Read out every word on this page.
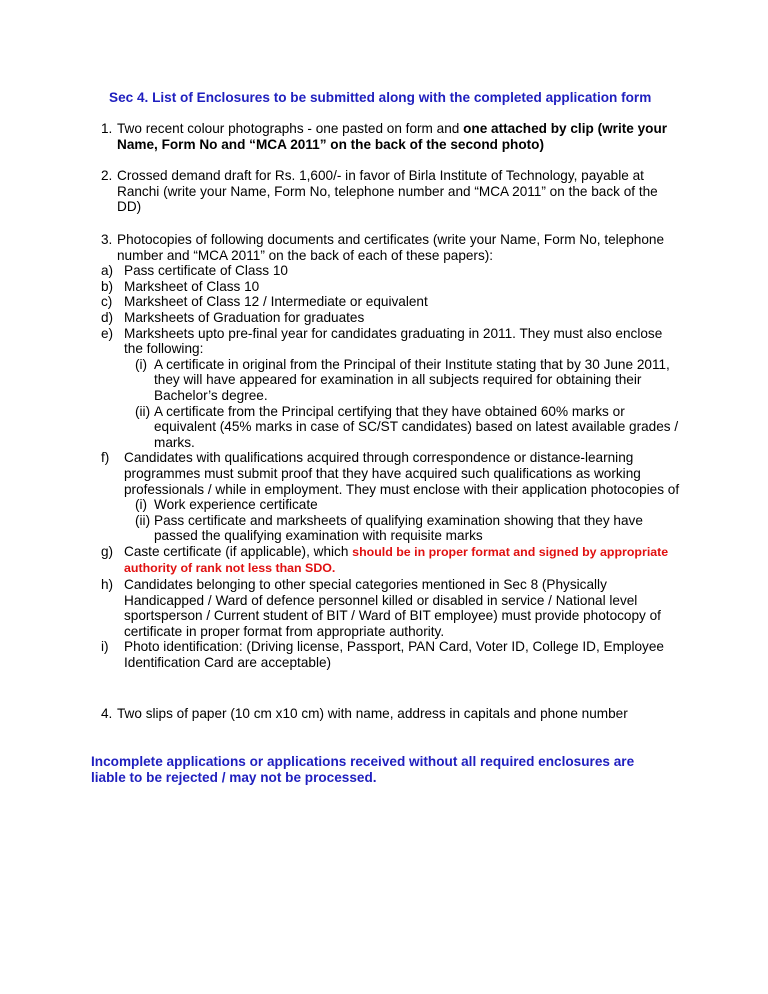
Sec 4. List of Enclosures to be submitted along with the completed application form
1. Two recent colour photographs - one pasted on form and one attached by clip (write your Name, Form No and “MCA 2011” on the back of the second photo)
2. Crossed demand draft for Rs. 1,600/- in favor of Birla Institute of Technology, payable at Ranchi (write your Name, Form No, telephone number and “MCA 2011” on the back of the DD)
3. Photocopies of following documents and certificates (write your Name, Form No, telephone number and “MCA 2011” on the back of each of these papers):
a) Pass certificate of Class 10
b) Marksheet of Class 10
c) Marksheet of Class 12 / Intermediate or equivalent
d) Marksheets of Graduation for graduates
e) Marksheets upto pre-final year for candidates graduating in 2011. They must also enclose the following:
(i) A certificate in original from the Principal of their Institute stating that by 30 June 2011, they will have appeared for examination in all subjects required for obtaining their Bachelor’s degree.
(ii) A certificate from the Principal certifying that they have obtained 60% marks or equivalent (45% marks in case of SC/ST candidates) based on latest available grades / marks.
f) Candidates with qualifications acquired through correspondence or distance-learning programmes must submit proof that they have acquired such qualifications as working professionals / while in employment. They must enclose with their application photocopies of
(i) Work experience certificate
(ii) Pass certificate and marksheets of qualifying examination showing that they have passed the qualifying examination with requisite marks
g) Caste certificate (if applicable), which should be in proper format and signed by appropriate authority of rank not less than SDO.
h) Candidates belonging to other special categories mentioned in Sec 8 (Physically Handicapped / Ward of defence personnel killed or disabled in service / National level sportsperson / Current student of BIT / Ward of BIT employee) must provide photocopy of certificate in proper format from appropriate authority.
i) Photo identification: (Driving license, Passport, PAN Card, Voter ID, College ID, Employee Identification Card are acceptable)
4. Two slips of paper (10 cm x10 cm) with name, address in capitals and phone number
Incomplete applications or applications received without all required enclosures are liable to be rejected / may not be processed.
